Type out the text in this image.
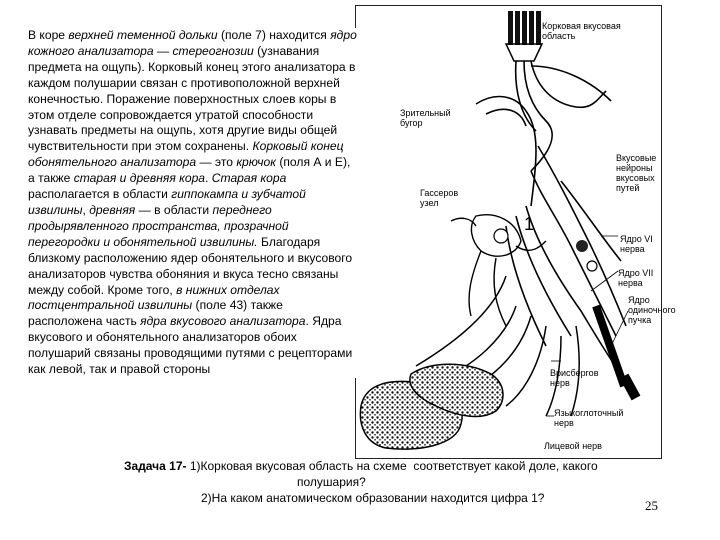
Корковая вкусовая
область
Зрительный
бугор
Вкусовые нейроны
вкусовых путей
Гассеров
узел
1
Ядро VI нерва
Ядро VII нерва
Ядро одиночного
пучка
Врисбергов
нерв
Языкоглоточный
нерв
Лицевой нерв
В коре верхней теменной дольки (поле 7) находится ядро кожного анализатора — стереогнозии (узнавания предмета на ощупь). Корковый конец этого анализатора в каждом полушарии связан с противоположной верхней конечностью. Поражение поверхностных слоев коры в этом отделе сопровождается утратой способности узнавать предметы на ощупь, хотя другие виды общей чувствительности при этом сохранены. Корковый конец обонятельного анализатора — это крючок (поля А и Е), а также старая и древняя кора. Старая кора располагается в области гиппокампа и зубчатой извилины, древняя — в области переднего продырявленного пространства, прозрачной перегородки и обонятельной извилины. Благодаря близкому расположению ядер обонятельного и вкусового анализаторов чувства обоняния и вкуса тесно связаны между собой. Кроме того, в нижних отделах постцентральной извилины (поле 43) также расположена часть ядра вкусового анализатора. Ядра вкусового и обонятельного анализаторов обоих полушарий связаны проводящими путями с рецепторами как левой, так и правой стороны
Задача 17- 1)Корковая вкусовая область на схеме  соответствует какой доле, какого
полушария?
2)На каком анатомическом образовании находится цифра 1?	25
